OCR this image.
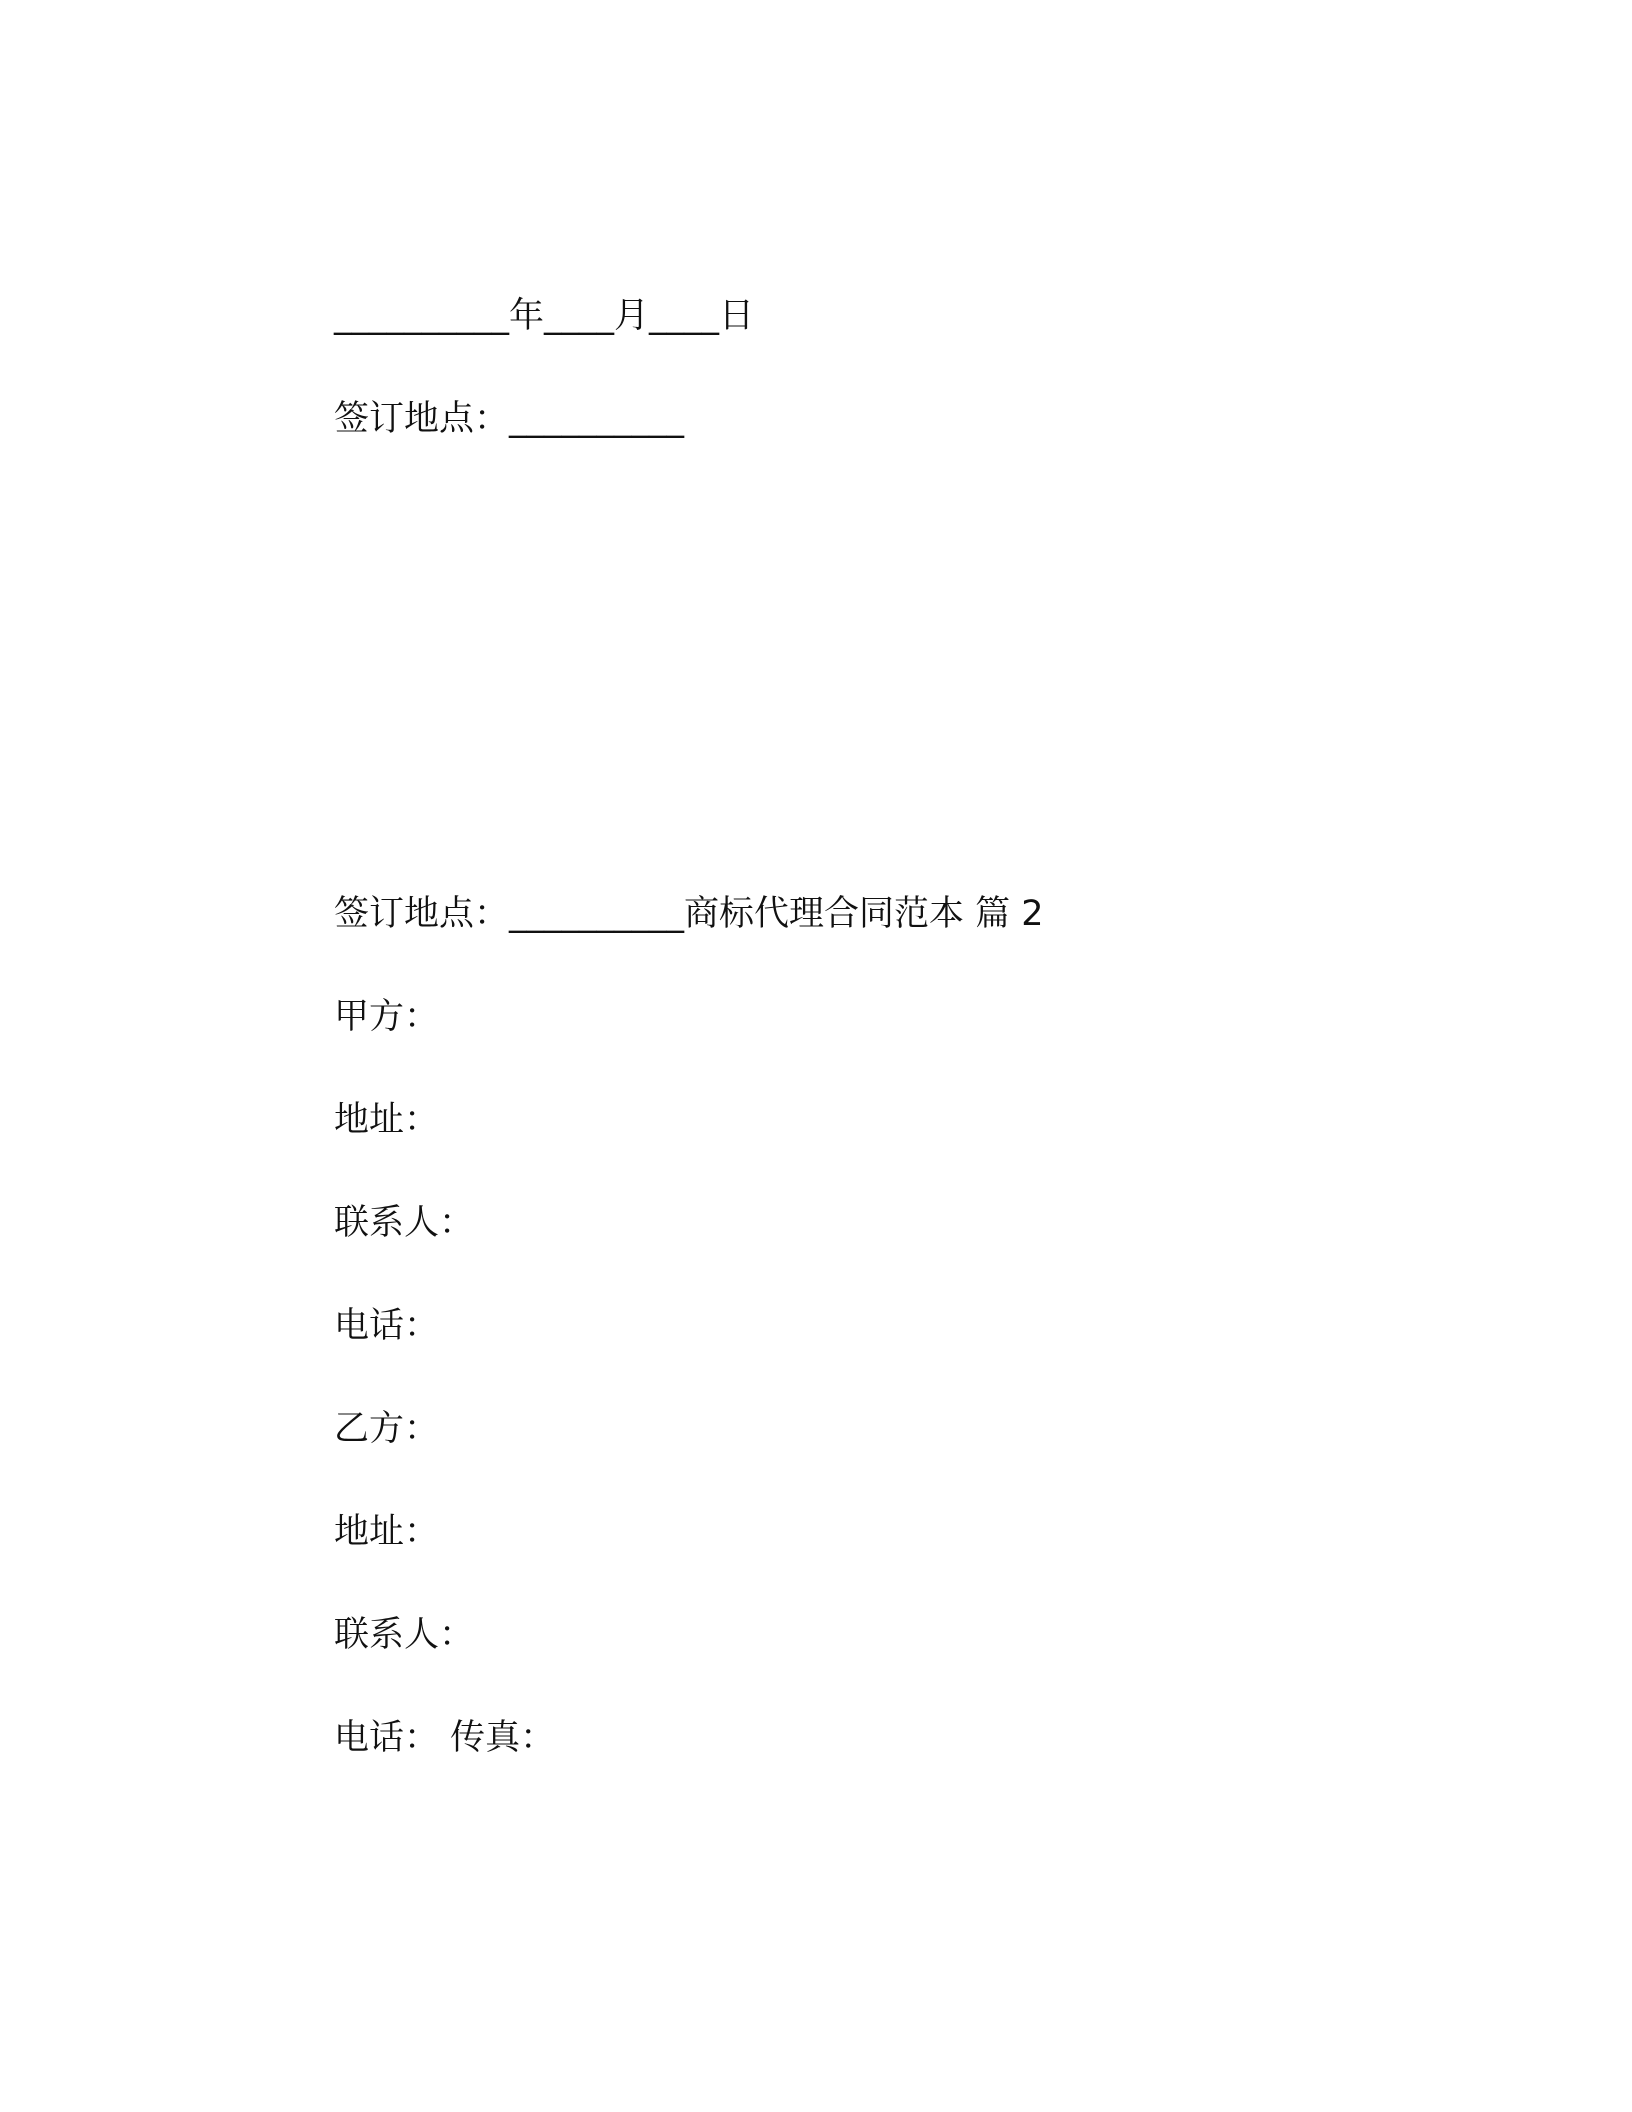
__________年____月____日
签订地点：__________
签订地点：__________商标代理合同范本 篇 2
甲方：
地址：
联系人：
电话：
乙方：
地址：
联系人：
电话： 传真：
